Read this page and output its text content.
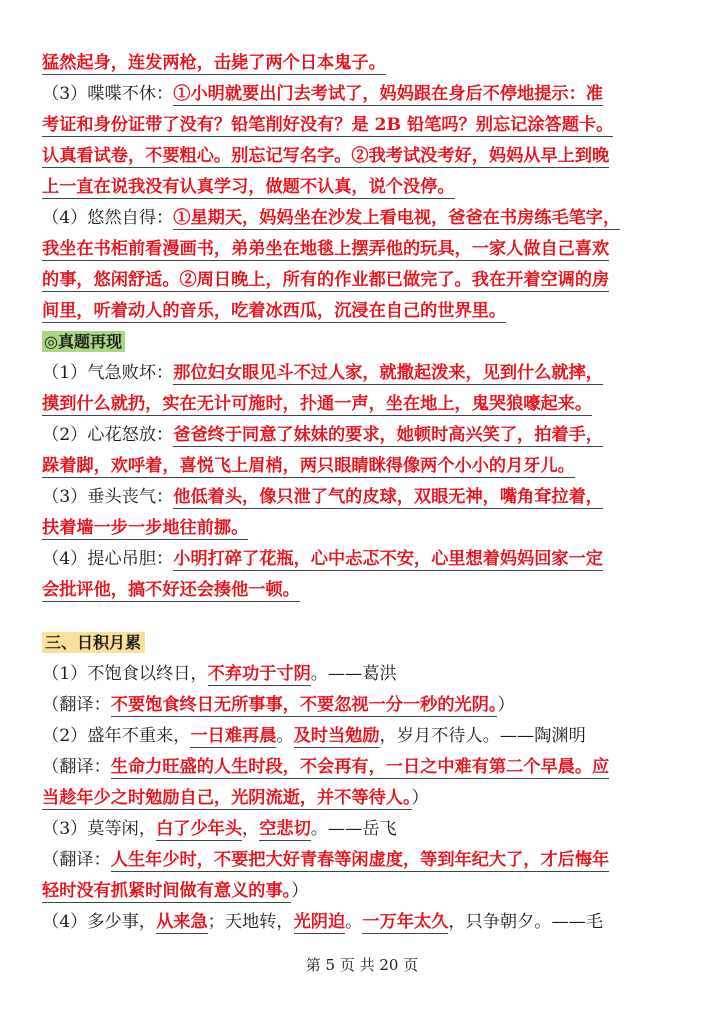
猛然起身，连发两枪，击毙了两个日本鬼子。
（3）喋喋不休：①小明就要出门去考试了，妈妈跟在身后不停地提示：准
考证和身份证带了没有？铅笔削好没有？是 2B 铅笔吗？别忘记涂答题卡。
认真看试卷，不要粗心。别忘记写名字。②我考试没考好，妈妈从早上到晚
上一直在说我没有认真学习，做题不认真，说个没停。
（4）悠然自得：①星期天，妈妈坐在沙发上看电视，爸爸在书房练毛笔字，
我坐在书柜前看漫画书，弟弟坐在地毯上摆弄他的玩具，一家人做自己喜欢
的事，悠闲舒适。②周日晚上，所有的作业都已做完了。我在开着空调的房
间里，听着动人的音乐，吃着冰西瓜，沉浸在自己的世界里。
◎真题再现
（1）气急败坏：那位妇女眼见斗不过人家，就撒起泼来，见到什么就摔，
摸到什么就扔，实在无计可施时，扑通一声，坐在地上，鬼哭狼嚎起来。
（2）心花怒放：爸爸终于同意了妹妹的要求，她顿时高兴笑了，拍着手，
跺着脚，欢呼着，喜悦飞上眉梢，两只眼睛眯得像两个小小的月牙儿。
（3）垂头丧气：他低着头，像只泄了气的皮球，双眼无神，嘴角耷拉着，
扶着墙一步一步地往前挪。
（4）提心吊胆：小明打碎了花瓶，心中忐忑不安，心里想着妈妈回家一定
会批评他，搞不好还会揍他一顿。
三、日积月累
（1）不饱食以终日，不弃功于寸阴。——葛洪
（翻译：不要饱食终日无所事事，不要忽视一分一秒的光阴。）
（2）盛年不重来，一日难再晨。及时当勉励，岁月不待人。——陶渊明
（翻译：生命力旺盛的人生时段，不会再有，一日之中难有第二个早晨。应
当趁年少之时勉励自己，光阴流逝，并不等待人。）
（3）莫等闲，白了少年头，空悲切。——岳飞
（翻译：人生年少时，不要把大好青春等闲虚度，等到年纪大了，才后悔年
轻时没有抓紧时间做有意义的事。）
（4）多少事，从来急；天地转，光阴迫。一万年太久，只争朝夕。——毛
第 5 页 共 20 页
